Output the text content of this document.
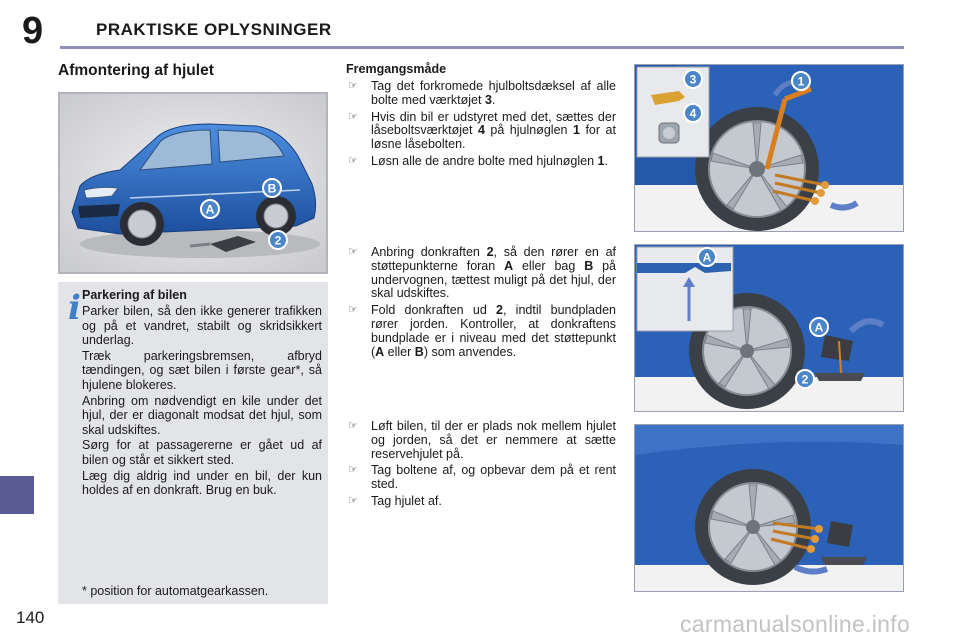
9	PRAKTISKE OPLYSNINGER
Afmontering af hjulet
A
B
2
i Parkering af bilen

Parker bilen, så den ikke generer trafikken og på et vandret, stabilt og skridsikkert underlag.

Træk parkeringsbremsen, afbryd tændingen, og sæt bilen i første gear*, så hjulene blokeres.

Anbring om nødvendigt en kile under det hjul, der er diagonalt modsat det hjul, som skal udskiftes.

Sørg for at passagererne er gået ud af bilen og står et sikkert sted.

Læg dig aldrig ind under en bil, der kun holdes af en donkraft. Brug en buk.

* position for automatgearkassen.
Fremgangsmåde
☞ Tag det forkromede hjulboltsdæksel af alle bolte med værktøjet 3.
☞ Hvis din bil er udstyret med det, sættes der låseboltsværktøjet 4 på hjulnøglen 1 for at løsne låsebolten.
☞ Løsn alle de andre bolte med hjulnøglen 1.
☞ Anbring donkraften 2, så den rører en af støttepunkterne foran A eller bag B på undervognen, tættest muligt på det hjul, der skal udskiftes.
☞ Fold donkraften ud 2, indtil bundpladen rører jorden. Kontroller, at donkraftens bundplade er i niveau med det støttepunkt (A eller B) som anvendes.
☞ Løft bilen, til der er plads nok mellem hjulet og jorden, så det er nemmere at sætte reservehjulet på.
☞ Tag boltene af, og opbevar dem på et rent sted.
☞ Tag hjulet af.
3
4
1
A
A
2
140	carmanualsonline.info
